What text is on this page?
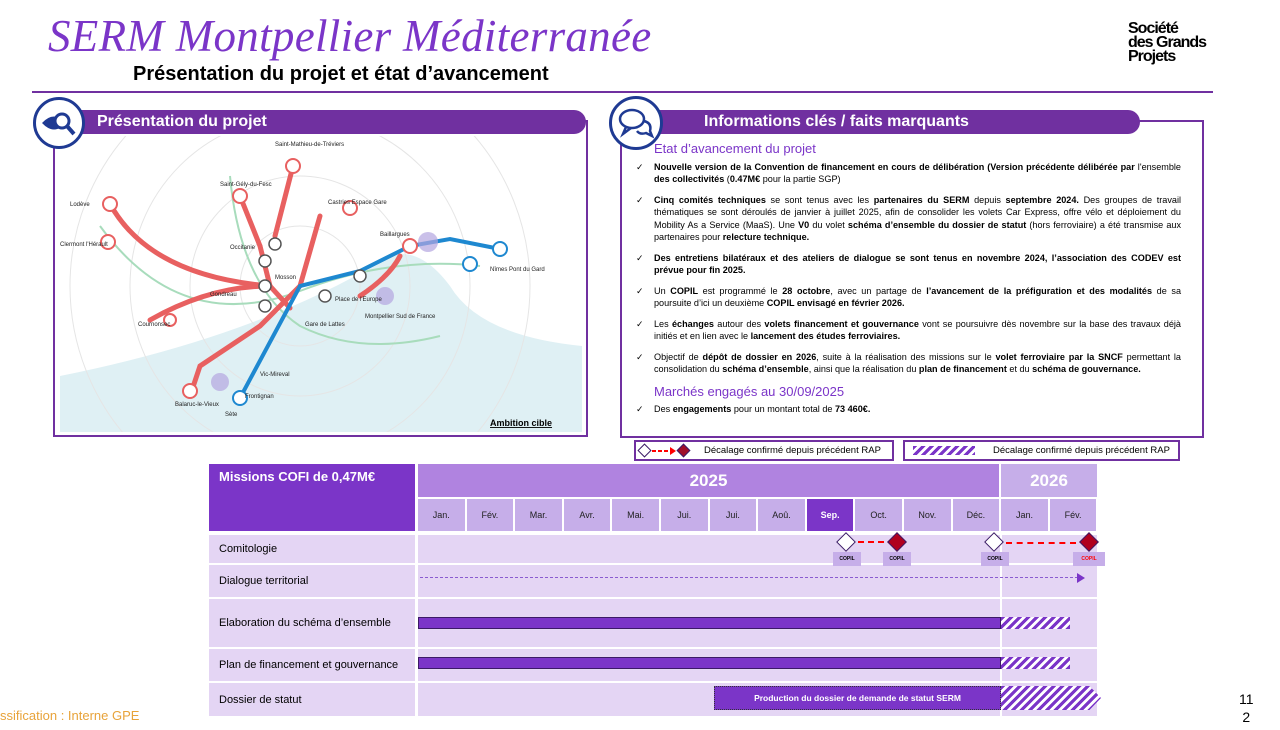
SERM Montpellier Méditerranée
Présentation du projet et état d’avancement
Société
des Grands
Projets
Présentation du projet
Saint-Mathieu-de-Tréviers
Saint-Gély-du-Fesc
Lodève
Clermont l'Hérault	Occitanie
Mosson
Gondreau
Cournonsec
Castries Espace Gare
Baillargues
Nîmes Pont du Gard
Place de l'Europe
Gare de Lattes
Montpellier Sud de France
Balaruc-le-Vieux
Sète
Frontignan
Vic-Mireval
Ambition cible
Informations clés / faits marquants
Etat d’avancement du projet
✓	Nouvelle version de la Convention de financement en cours de délibération (Version précédente délibérée par l'ensemble des collectivités (0.47M€ pour la partie SGP)
✓	Cinq comités techniques se sont tenus avec les partenaires du SERM depuis septembre 2024. Des groupes de travail thématiques se sont déroulés de janvier à juillet 2025, afin de consolider les volets Car Express, offre vélo et déploiement du Mobility As a Service (MaaS). Une V0 du volet schéma d’ensemble du dossier de statut (hors ferroviaire) a été transmise aux partenaires pour relecture technique.
✓	Des entretiens bilatéraux et des ateliers de dialogue se sont tenus en novembre 2024, l’association des CODEV est prévue pour fin 2025.
✓	Un COPIL est programmé le 28 octobre, avec un partage de l’avancement de la préfiguration et des modalités de sa poursuite d’ici un deuxième COPIL envisagé en février 2026.
✓	Les échanges autour des volets financement et gouvernance vont se poursuivre dès novembre sur la base des travaux déjà initiés et en lien avec le lancement des études ferroviaires.
✓	Objectif de dépôt de dossier en 2026, suite à la réalisation des missions sur le volet ferroviaire par la SNCF permettant la consolidation du schéma d’ensemble, ainsi que la réalisation du plan de financement et du schéma de gouvernance.
Marchés engagés au 30/09/2025
✓	Des engagements pour un montant total de 73 460€.
Décalage confirmé depuis précédent RAP	Décalage confirmé depuis précédent RAP
Missions COFI de 0,47M€	2025	2026
Jan.	Fév.	Mar.	Avr.	Mai.	Jui.	Jui.	Aoû.	Sep.	Oct.	Nov.	Déc.	Jan.	Fév.
Comitologie
Dialogue territorial
Elaboration du schéma d’ensemble
Plan de financement et gouvernance
Dossier de statut
COPIL	COPIL	COPIL	COPIL
Production du dossier de demande de statut SERM
ssification : Interne GPE
11
2
